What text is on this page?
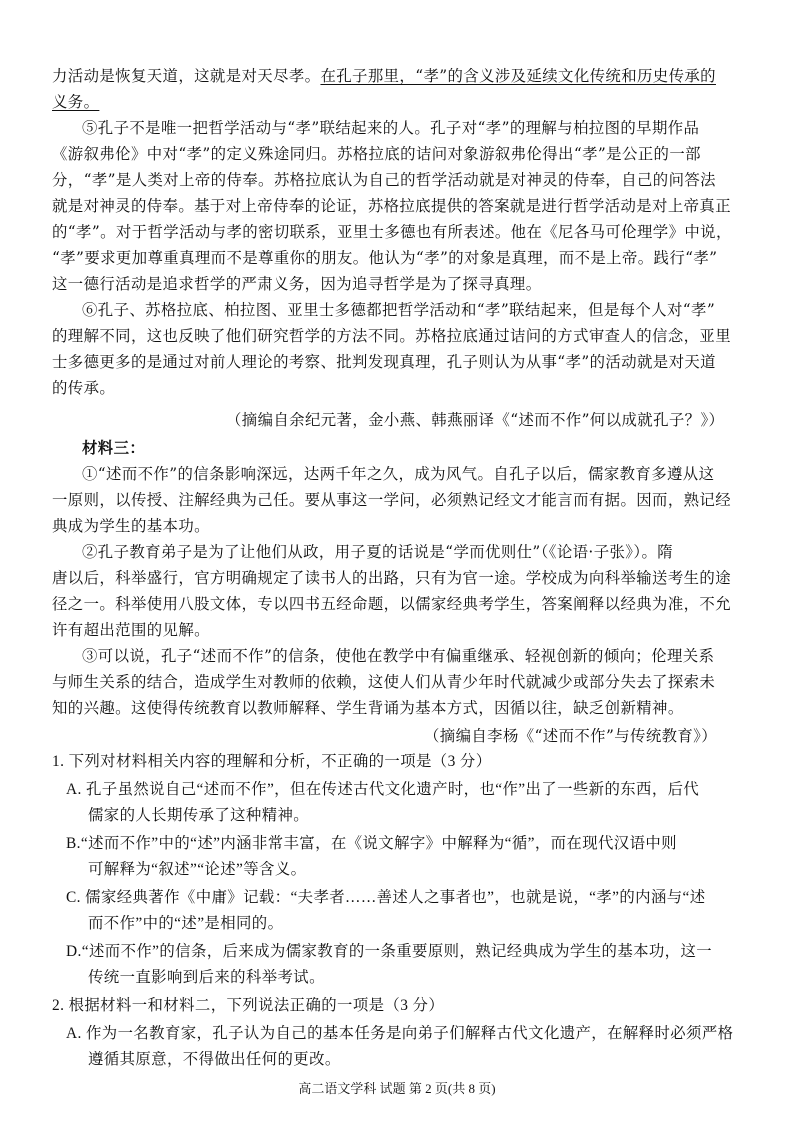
力活动是恢复天道，这就是对天尽孝。在孔子那里，“孝”的含义涉及延续文化传统和历史传承的
义务。
⑤孔子不是唯一把哲学活动与“孝”联结起来的人。孔子对“孝”的理解与柏拉图的早期作品
《游叙弗伦》中对“孝”的定义殊途同归。苏格拉底的诘问对象游叙弗伦得出“孝”是公正的一部
分，“孝”是人类对上帝的侍奉。苏格拉底认为自己的哲学活动就是对神灵的侍奉，自己的问答法
就是对神灵的侍奉。基于对上帝侍奉的论证，苏格拉底提供的答案就是进行哲学活动是对上帝真正
的“孝”。对于哲学活动与孝的密切联系，亚里士多德也有所表述。他在《尼各马可伦理学》中说，
“孝”要求更加尊重真理而不是尊重你的朋友。他认为“孝”的对象是真理，而不是上帝。践行“孝”
这一德行活动是追求哲学的严肃义务，因为追寻哲学是为了探寻真理。
⑥孔子、苏格拉底、柏拉图、亚里士多德都把哲学活动和“孝”联结起来，但是每个人对“孝”
的理解不同，这也反映了他们研究哲学的方法不同。苏格拉底通过诘问的方式审查人的信念，亚里
士多德更多的是通过对前人理论的考察、批判发现真理，孔子则认为从事“孝”的活动就是对天道
的传承。
（摘编自余纪元著，金小燕、韩燕丽译《“述而不作”何以成就孔子？》）
材料三：
①“述而不作”的信条影响深远，达两千年之久，成为风气。自孔子以后，儒家教育多遵从这
一原则，以传授、注解经典为己任。要从事这一学问，必须熟记经文才能言而有据。因而，熟记经
典成为学生的基本功。
②孔子教育弟子是为了让他们从政，用子夏的话说是“学而优则仕”（《论语·子张》）。隋
唐以后，科举盛行，官方明确规定了读书人的出路，只有为官一途。学校成为向科举输送考生的途
径之一。科举使用八股文体，专以四书五经命题，以儒家经典考学生，答案阐释以经典为准，不允
许有超出范围的见解。
③可以说，孔子“述而不作”的信条，使他在教学中有偏重继承、轻视创新的倾向；伦理关系
与师生关系的结合，造成学生对教师的依赖，这使人们从青少年时代就减少或部分失去了探索未
知的兴趣。这使得传统教育以教师解释、学生背诵为基本方式，因循以往，缺乏创新精神。
（摘编自李杨《“述而不作”与传统教育》）
1. 下列对材料相关内容的理解和分析，不正确的一项是（3 分）
A. 孔子虽然说自己“述而不作”，但在传述古代文化遗产时，也“作”出了一些新的东西，后代
儒家的人长期传承了这种精神。
B.“述而不作”中的“述”内涵非常丰富，在《说文解字》中解释为“循”，而在现代汉语中则
可解释为“叙述”“论述”等含义。
C. 儒家经典著作《中庸》记载：“夫孝者……善述人之事者也”，也就是说，“孝”的内涵与“述
而不作”中的“述”是相同的。
D.“述而不作”的信条，后来成为儒家教育的一条重要原则，熟记经典成为学生的基本功，这一
传统一直影响到后来的科举考试。
2. 根据材料一和材料二，下列说法正确的一项是（3 分）
A. 作为一名教育家，孔子认为自己的基本任务是向弟子们解释古代文化遗产，在解释时必须严格
遵循其原意，不得做出任何的更改。
高二语文学科 试题 第 2 页(共 8 页)
